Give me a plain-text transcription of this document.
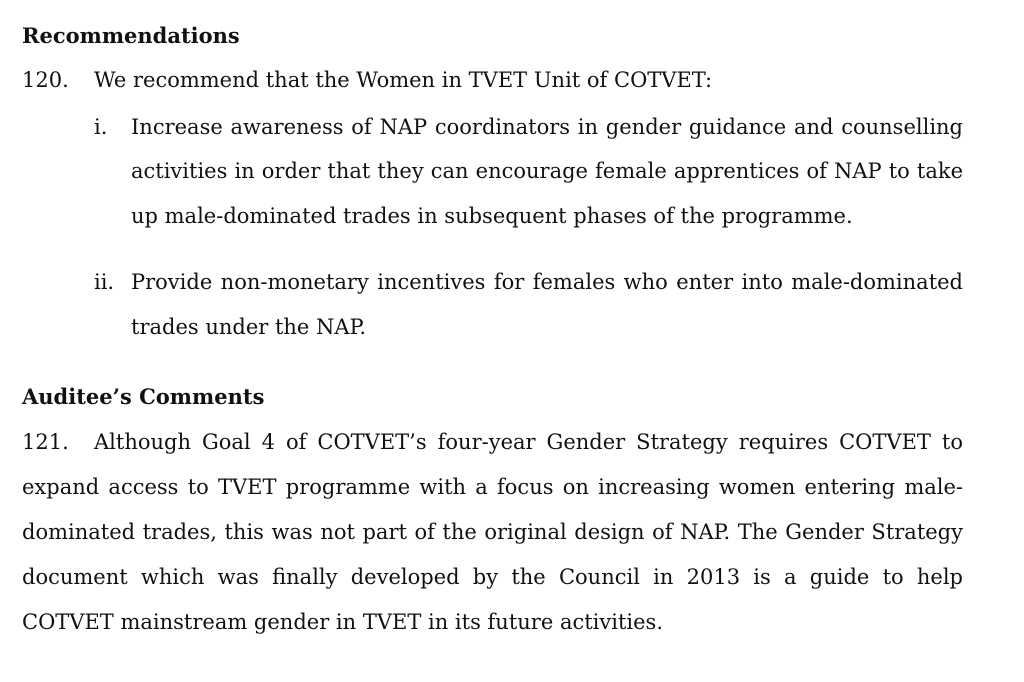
Recommendations
120. We recommend that the Women in TVET Unit of COTVET:
i. Increase awareness of NAP coordinators in gender guidance and counselling
activities in order that they can encourage female apprentices of NAP to take
up male-dominated trades in subsequent phases of the programme.
ii. Provide non-monetary incentives for females who enter into male-dominated
trades under the NAP.
Auditee’s Comments
121. Although Goal 4 of COTVET’s four-year Gender Strategy requires COTVET to
expand access to TVET programme with a focus on increasing women entering male-
dominated trades, this was not part of the original design of NAP. The Gender Strategy
document which was finally developed by the Council in 2013 is a guide to help
COTVET mainstream gender in TVET in its future activities.
